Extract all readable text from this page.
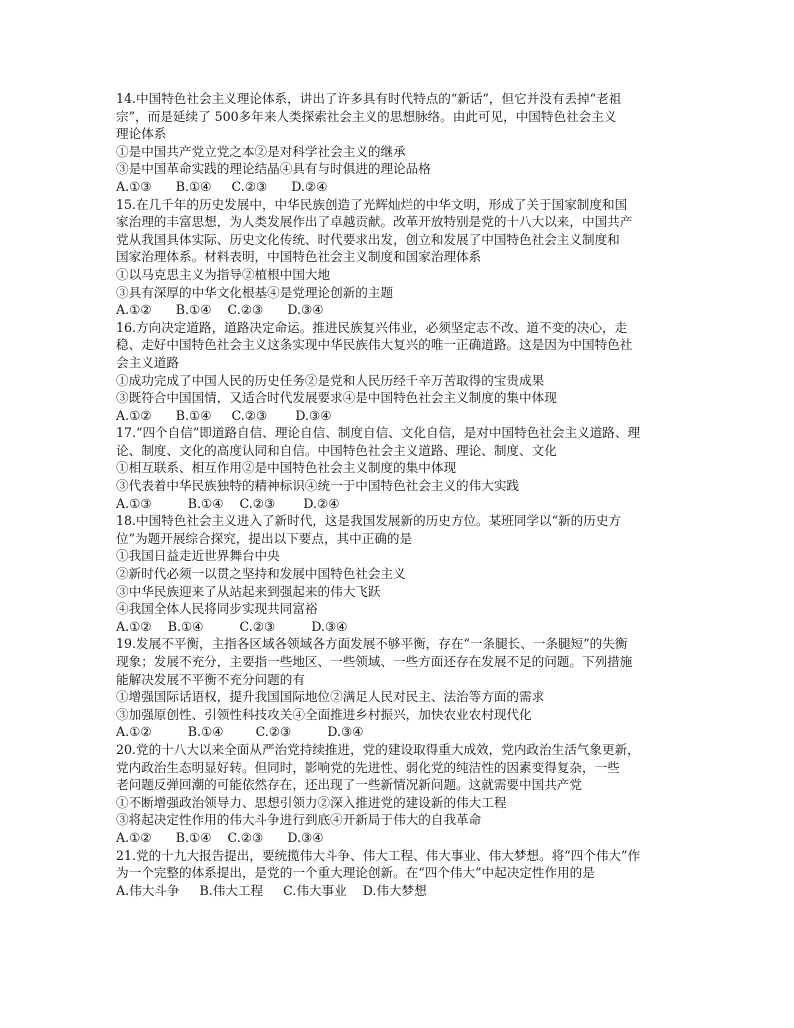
14.中国特色社会主义理论体系，讲出了许多具有时代特点的“新话”，但它并没有丢掉“老祖
宗”，而是延续了 500多年来人类探索社会主义的思想脉络。由此可见，中国特色社会主义
理论体系
①是中国共产党立党之本②是对科学社会主义的继承
③是中国革命实践的理论结晶④具有与时俱进的理论品格
A.①③      B.①④     C.②③      D.②④
15.在几千年的历史发展中，中华民族创造了光辉灿烂的中华文明，形成了关于国家制度和国
家治理的丰富思想，为人类发展作出了卓越贡献。改革开放特别是党的十八大以来，中国共产
党从我国具体实际、历史文化传统、时代要求出发，创立和发展了中国特色社会主义制度和
国家治理体系。材料表明，中国特色社会主义制度和国家治理体系
①以马克思主义为指导②植根中国大地
③具有深厚的中华文化根基④是党理论创新的主题
A.①②      B.①④    C.②③      D.③④
16.方向决定道路，道路决定命运。推进民族复兴伟业，必须坚定志不改、道不变的决心，走
稳、走好中国特色社会主义这条实现中华民族伟大复兴的唯一正确道路。这是因为中国特色社
会主义道路
①成功完成了中国人民的历史任务②是党和人民历经千辛万苦取得的宝贵成果
③既符合中国国情，又适合时代发展要求④是中国特色社会主义制度的集中体现
A.①②      B.①④     C.②③       D.③④
17.“四个自信”即道路自信、理论自信、制度自信、文化自信，是对中国特色社会主义道路、理
论、制度、文化的高度认同和自信。中国特色社会主义道路、理论、制度、文化
①相互联系、相互作用②是中国特色社会主义制度的集中体现
③代表着中华民族独特的精神标识④统一于中国特色社会主义的伟大实践
A.①③         B.①④    C.②③       D.②④
18.中国特色社会主义进入了新时代，这是我国发展新的历史方位。某班同学以“新的历史方
位”为题开展综合探究，提出以下要点，其中正确的是
①我国日益走近世界舞台中央
②新时代必须一以贯之坚持和发展中国特色社会主义
③中华民族迎来了从站起来到强起来的伟大飞跃
④我国全体人民将同步实现共同富裕
A.①②    B.①④         C.②③         D.③④
19.发展不平衡，主指各区域各领域各方面发展不够平衡，存在“一条腿长、一条腿短”的失衡
现象；发展不充分，主要指一些地区、一些领域、一些方面还存在发展不足的问题。下列措施
能解决发展不平衡不充分问题的有
①增强国际话语权，提升我国国际地位②满足人民对民主、法治等方面的需求
③加强原创性、引领性科技攻关④全面推进乡村振兴，加快农业农村现代化
A.①②         B.①④        C.②③         D.③④
20.党的十八大以来全面从严治党持续推进，党的建设取得重大成效，党内政治生活气象更新，
党内政治生态明显好转。但同时，影响党的先进性、弱化党的纯洁性的因素变得复杂，一些
老问题反弹回潮的可能依然存在，还出现了一些新情况新问题。这就需要中国共产党
①不断增强政治领导力、思想引领力②深入推进党的建设新的伟大工程
③将起决定性作用的伟大斗争进行到底④开新局于伟大的自我革命
A.①②      B.①④    C.②③      D.③④
21.党的十九大报告提出，要统揽伟大斗争、伟大工程、伟大事业、伟大梦想。将“四个伟大”作
为一个完整的体系提出，是党的一个重大理论创新。在“四个伟大”中起决定性作用的是
A.伟大斗争     B.伟大工程     C.伟大事业    D.伟大梦想
